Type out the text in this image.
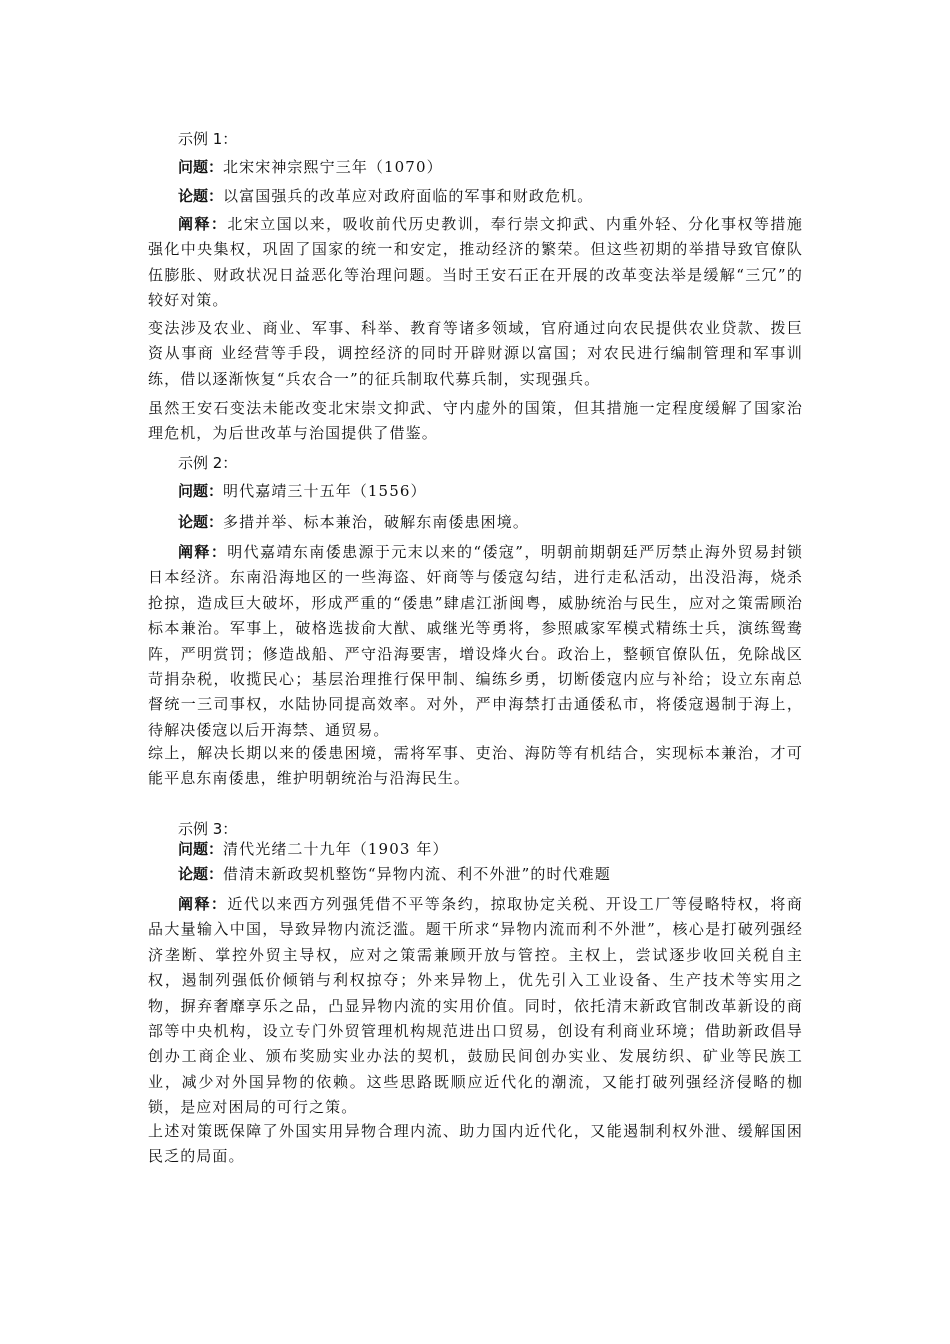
示例 1：
问题：北宋宋神宗熙宁三年（1070）
论题：以富国强兵的改革应对政府面临的军事和财政危机。
阐释：北宋立国以来，吸收前代历史教训，奉行崇文抑武、内重外轻、分化事权等措施强化中央集权，巩固了国家的统一和安定，推动经济的繁荣。但这些初期的举措导致官僚队伍膨胀、财政状况日益恶化等治理问题。当时王安石正在开展的改革变法举是缓解“三冗”的较好对策。
变法涉及农业、商业、军事、科举、教育等诸多领域，官府通过向农民提供农业贷款、拨巨资从事商 业经营等手段，调控经济的同时开辟财源以富国；对农民进行编制管理和军事训练，借以逐渐恢复“兵农合一”的征兵制取代募兵制，实现强兵。
虽然王安石变法未能改变北宋崇文抑武、守内虚外的国策，但其措施一定程度缓解了国家治理危机，为后世改革与治国提供了借鉴。
示例 2：
问题：明代嘉靖三十五年（1556）
论题：多措并举、标本兼治，破解东南倭患困境。
阐释：明代嘉靖东南倭患源于元末以来的“倭寇”，明朝前期朝廷严厉禁止海外贸易封锁日本经济。东南沿海地区的一些海盗、奸商等与倭寇勾结，进行走私活动，出没沿海，烧杀 抢掠，造成巨大破坏，形成严重的“倭患”肆虐江浙闽粤，威胁统治与民生，应对之策需顾治标本兼治。军事上，破格选拔俞大猷、戚继光等勇将，参照戚家军模式精练士兵，演练鸳鸯阵，严明赏罚；修造战船、严守沿海要害，增设烽火台。政治上，整顿官僚队伍，免除战区苛捐杂税，收揽民心；基层治理推行保甲制、编练乡勇，切断倭寇内应与补给；设立东南总督统一三司事权，水陆协同提高效率。对外，严申海禁打击通倭私市，将倭寇遏制于海上，待解决倭寇以后开海禁、通贸易。
综上，解决长期以来的倭患困境，需将军事、吏治、海防等有机结合，实现标本兼治，才可能平息东南倭患，维护明朝统治与沿海民生。
示例 3：
问题：清代光绪二十九年（1903 年）
论题：借清末新政契机整饬“异物内流、利不外泄”的时代难题
阐释：近代以来西方列强凭借不平等条约，掠取协定关税、开设工厂等侵略特权，将商品大量输入中国，导致异物内流泛滥。题干所求“异物内流而利不外泄”，核心是打破列强经济垄断、掌控外贸主导权，应对之策需兼顾开放与管控。主权上，尝试逐步收回关税自主权，遏制列强低价倾销与利权掠夺；外来异物上，优先引入工业设备、生产技术等实用之物，摒弃奢靡享乐之品，凸显异物内流的实用价值。同时，依托清末新政官制改革新设的商部等中央机构，设立专门外贸管理机构规范进出口贸易，创设有利商业环境；借助新政倡导创办工商企业、颁布奖励实业办法的契机，鼓励民间创办实业、发展纺织、矿业等民族工业，减少对外国异物的依赖。这些思路既顺应近代化的潮流，又能打破列强经济侵略的枷锁，是应对困局的可行之策。
上述对策既保障了外国实用异物合理内流、助力国内近代化，又能遏制利权外泄、缓解国困民乏的局面。
